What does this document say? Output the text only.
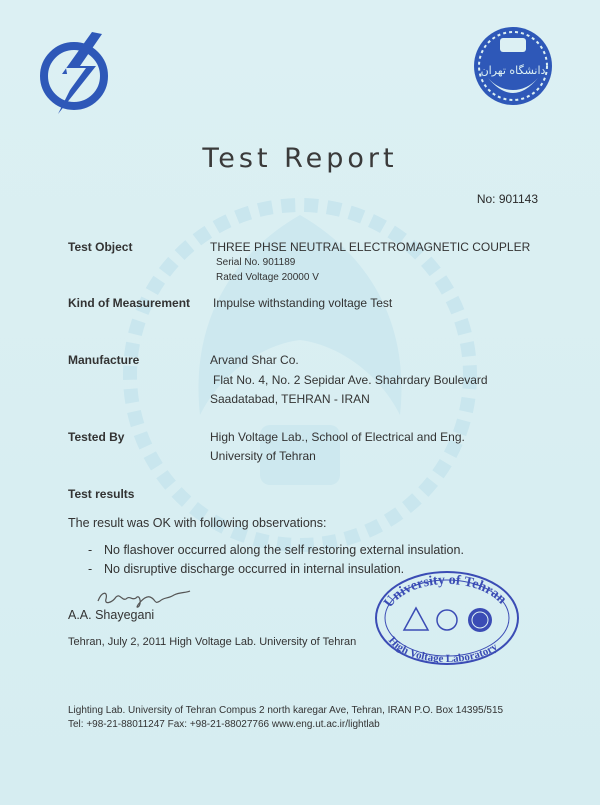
دانشگاه تهران
Test Report
No: 901143
Test Object	THREE PHSE NEUTRAL ELECTROMAGNETIC COUPLER
Serial No. 901189
Rated Voltage 20000 V
Kind of Measurement Impulse withstanding voltage Test
Manufacture	Arvand Shar Co.
Flat No. 4, No. 2 Sepidar Ave. Shahrdary Boulevard
Saadatabad, TEHRAN - IRAN
Tested By	High Voltage Lab., School of Electrical and Eng.
University of Tehran
Test results
The result was OK with following observations:
- No flashover occurred along the self restoring external insulation.
- No disruptive discharge occurred in internal insulation.
A.A. Shayegani
Tehran, July 2, 2011 High Voltage Lab. University of Tehran
University of Tehran
High Voltage Laboratory
Lighting Lab. University of Tehran Compus 2 north karegar Ave, Tehran, IRAN P.O. Box 14395/515
Tel: +98-21-88011247 Fax: +98-21-88027766 www.eng.ut.ac.ir/lightlab
